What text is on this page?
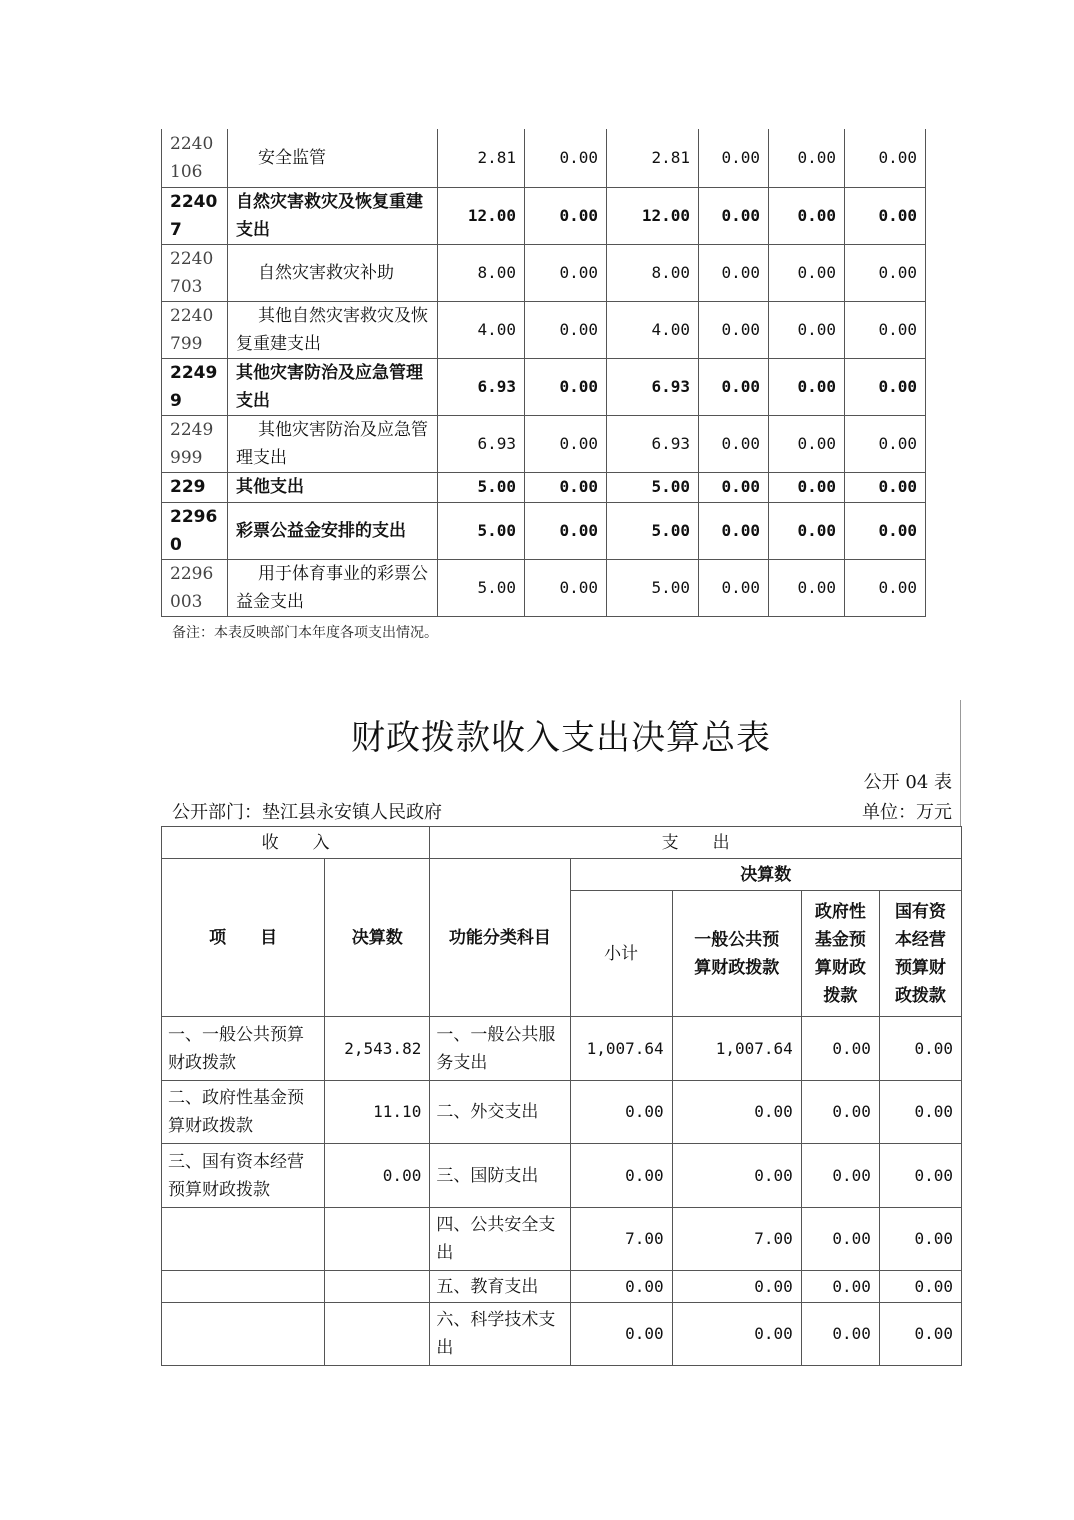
2240106	安全监管	2.81	0.00	2.81	0.00	0.00	0.00
22407	自然灾害救灾及恢复重建支出	12.00	0.00	12.00	0.00	0.00	0.00
2240703	自然灾害救灾补助	8.00	0.00	8.00	0.00	0.00	0.00
2240799	其他自然灾害救灾及恢复重建支出	4.00	0.00	4.00	0.00	0.00	0.00
22499	其他灾害防治及应急管理支出	6.93	0.00	6.93	0.00	0.00	0.00
2249999	其他灾害防治及应急管理支出	6.93	0.00	6.93	0.00	0.00	0.00
229	其他支出	5.00	0.00	5.00	0.00	0.00	0.00
22960	彩票公益金安排的支出	5.00	0.00	5.00	0.00	0.00	0.00
2296003	用于体育事业的彩票公益金支出	5.00	0.00	5.00	0.00	0.00	0.00
备注：本表反映部门本年度各项支出情况。
财政拨款收入支出决算总表
公开 04 表
公开部门：垫江县永安镇人民政府	单位：万元
收　　入		支　　出				
项　　目	决算数	功能分类科目	决算数			
			小计	一般公共预算财政拨款	政府性基金预算财政拨款	国有资本经营预算财政拨款
一、一般公共预算财政拨款	2,543.82	一、一般公共服务支出	1,007.64	1,007.64	0.00	0.00
二、政府性基金预算财政拨款	11.10	二、外交支出	0.00	0.00	0.00	0.00
三、国有资本经营预算财政拨款	0.00	三、国防支出	0.00	0.00	0.00	0.00
		四、公共安全支出	7.00	7.00	0.00	0.00
		五、教育支出	0.00	0.00	0.00	0.00
		六、科学技术支出	0.00	0.00	0.00	0.00
